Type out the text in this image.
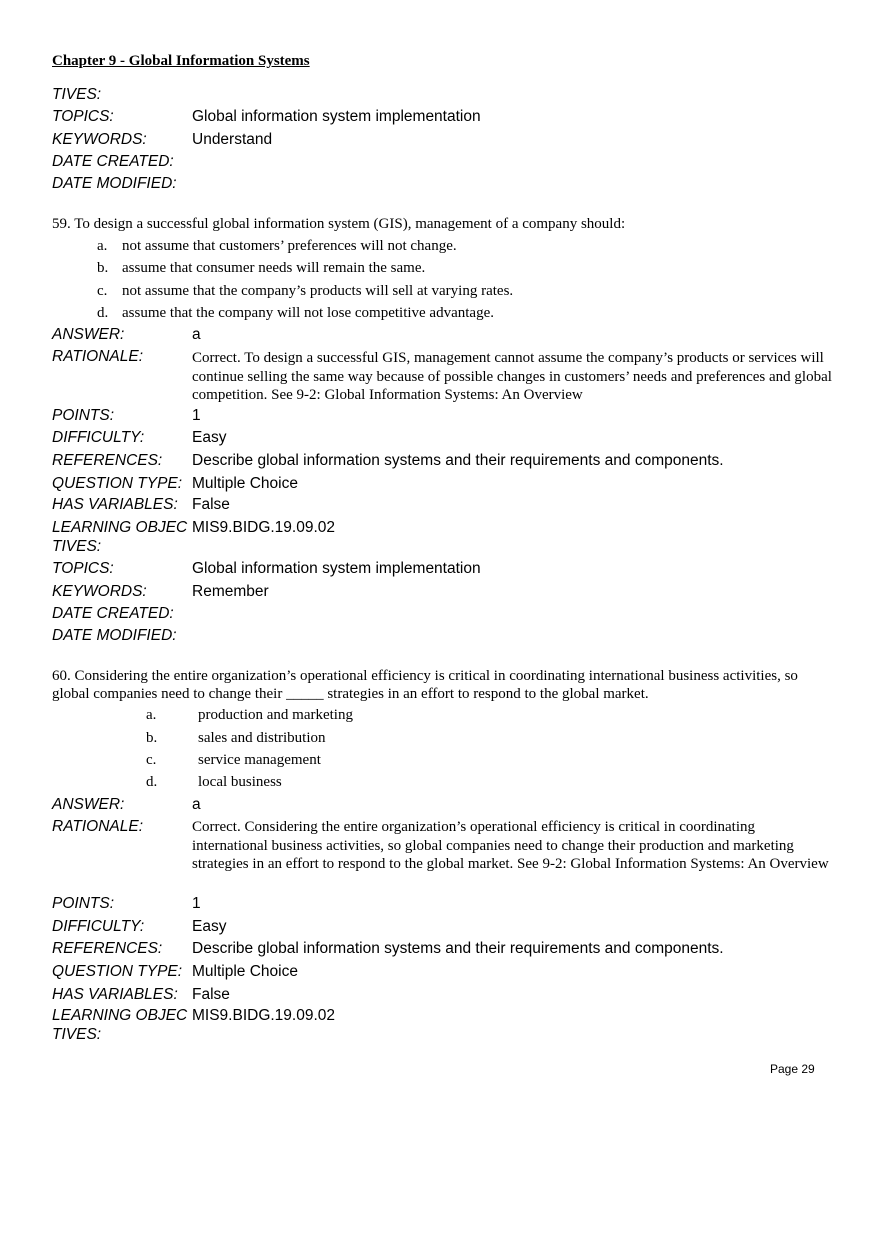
Chapter 9 - Global Information Systems
TIVES:
TOPICS:	Global information system implementation
KEYWORDS:	Understand
DATE CREATED:
DATE MODIFIED:
59. To design a successful global information system (GIS), management of a company should:
a. not assume that customers’ preferences will not change.
b. assume that consumer needs will remain the same.
c. not assume that the company’s products will sell at varying rates.
d. assume that the company will not lose competitive advantage.
ANSWER:	a
RATIONALE:	Correct. To design a successful GIS, management cannot assume the company’s products or services will continue selling the same way because of possible changes in customers’ needs and preferences and global competition. See 9-2: Global Information Systems: An Overview
POINTS:	1
DIFFICULTY:	Easy
REFERENCES: Describe global information systems and their requirements and components.
QUESTION TYPE: Multiple Choice
HAS VARIABLES: False
LEARNING OBJEC MIS9.BIDG.19.09.02
TIVES:
TOPICS:	Global information system implementation
KEYWORDS:	Remember
DATE CREATED:
DATE MODIFIED:
60. Considering the entire organization’s operational efficiency is critical in coordinating international business activities, so global companies need to change their _____ strategies in an effort to respond to the global market.
a.	production and marketing
b.	sales and distribution
c.	service management
d.	local business
ANSWER:	a
RATIONALE:	Correct. Considering the entire organization’s operational efficiency is critical in coordinating international business activities, so global companies need to change their production and marketing strategies in an effort to respond to the global market. See 9-2: Global Information Systems: An Overview
POINTS:	1
DIFFICULTY:	Easy
REFERENCES: Describe global information systems and their requirements and components.
QUESTION TYPE: Multiple Choice
HAS VARIABLES: False
LEARNING OBJEC MIS9.BIDG.19.09.02
TIVES:
Page 29
